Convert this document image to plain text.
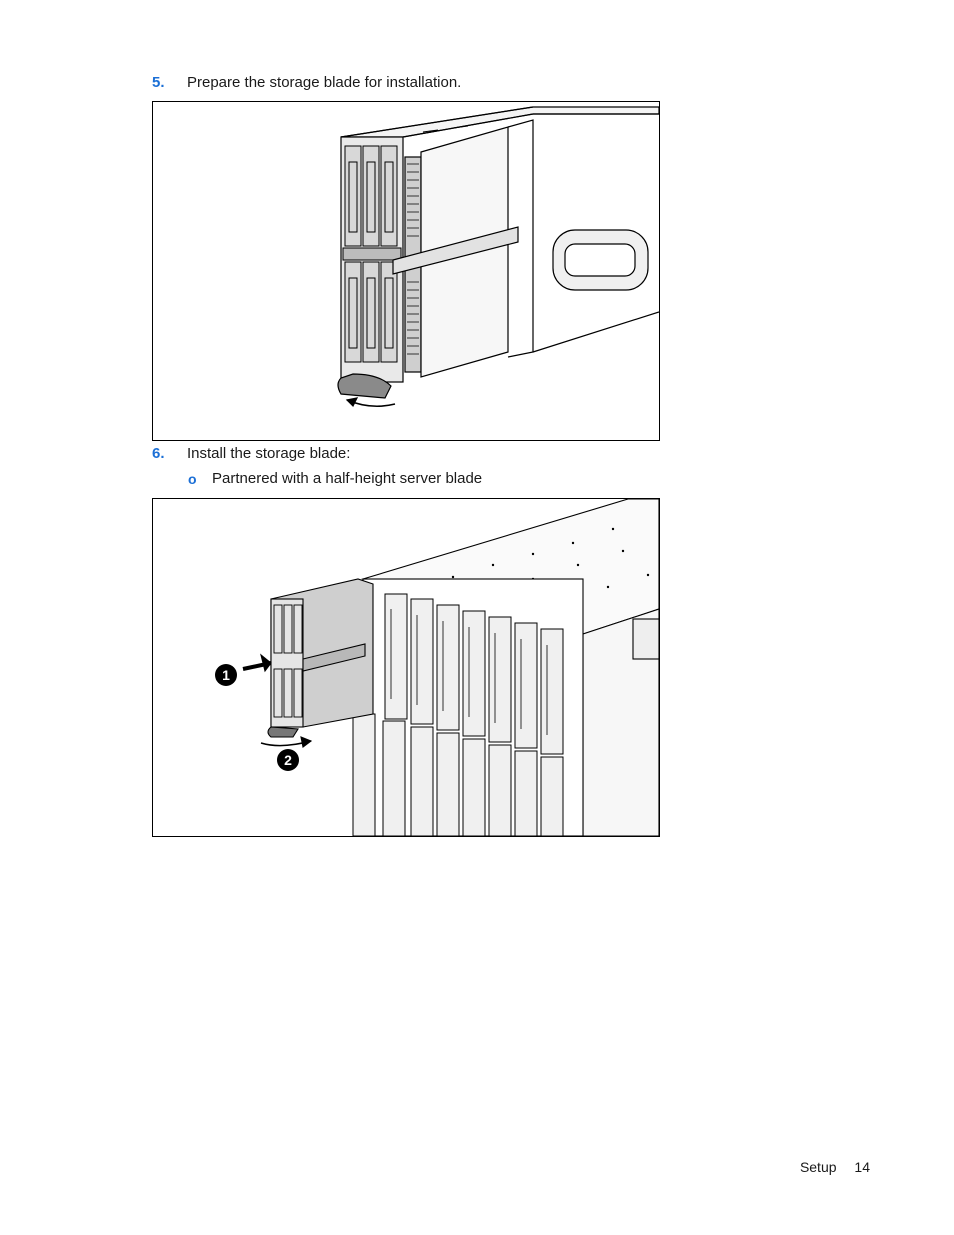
5. Prepare the storage blade for installation.
6. Install the storage blade:
o Partnered with a half-height server blade
1
2
Setup 14
